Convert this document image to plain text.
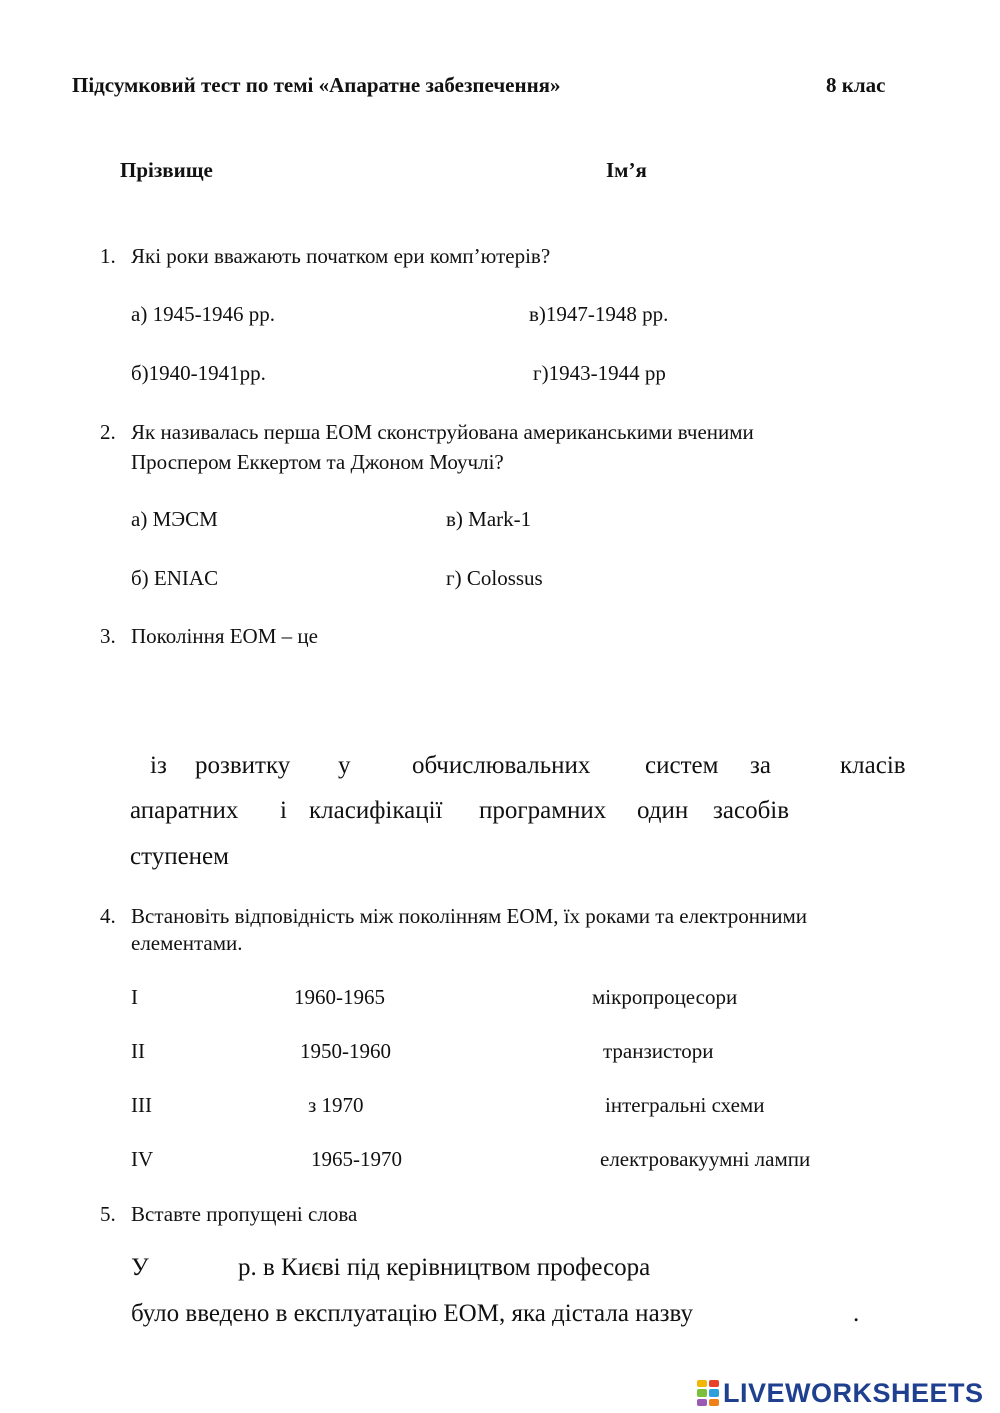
Підсумковий тест по темі «Апаратне забезпечення»	8 клас
Прізвище	Ім’я
1. Які роки вважають початком ери комп’ютерів?
а) 1945-1946 рр.	в)1947-1948 рр.
б)1940-1941рр.	г)1943-1944 рр
2. Як називалась перша ЕОМ сконструйована американськими вченими
Проспером Еккертом та Джоном Моучлі?
а) МЭСМ	в) Mark-1
б) ENIAC	г) Colossus
3. Покоління ЕОМ – це
із розвитку у обчислювальних систем за	класів
апаратних і класифікації програмних один засобів
ступенем
4. Встановіть відповідність між поколінням ЕОМ, їх роками та електронними
елементами.
I	1960-1965	мікропроцесори
II	1950-1960	транзистори
III	з 1970	інтегральні схеми
IV	1965-1970	електровакуумні лампи
5. Вставте пропущені слова
У	р. в Києві під керівництвом професора
було введено в експлуатацію ЕОМ, яка дістала назву	.
LIVEWORKSHEETS
